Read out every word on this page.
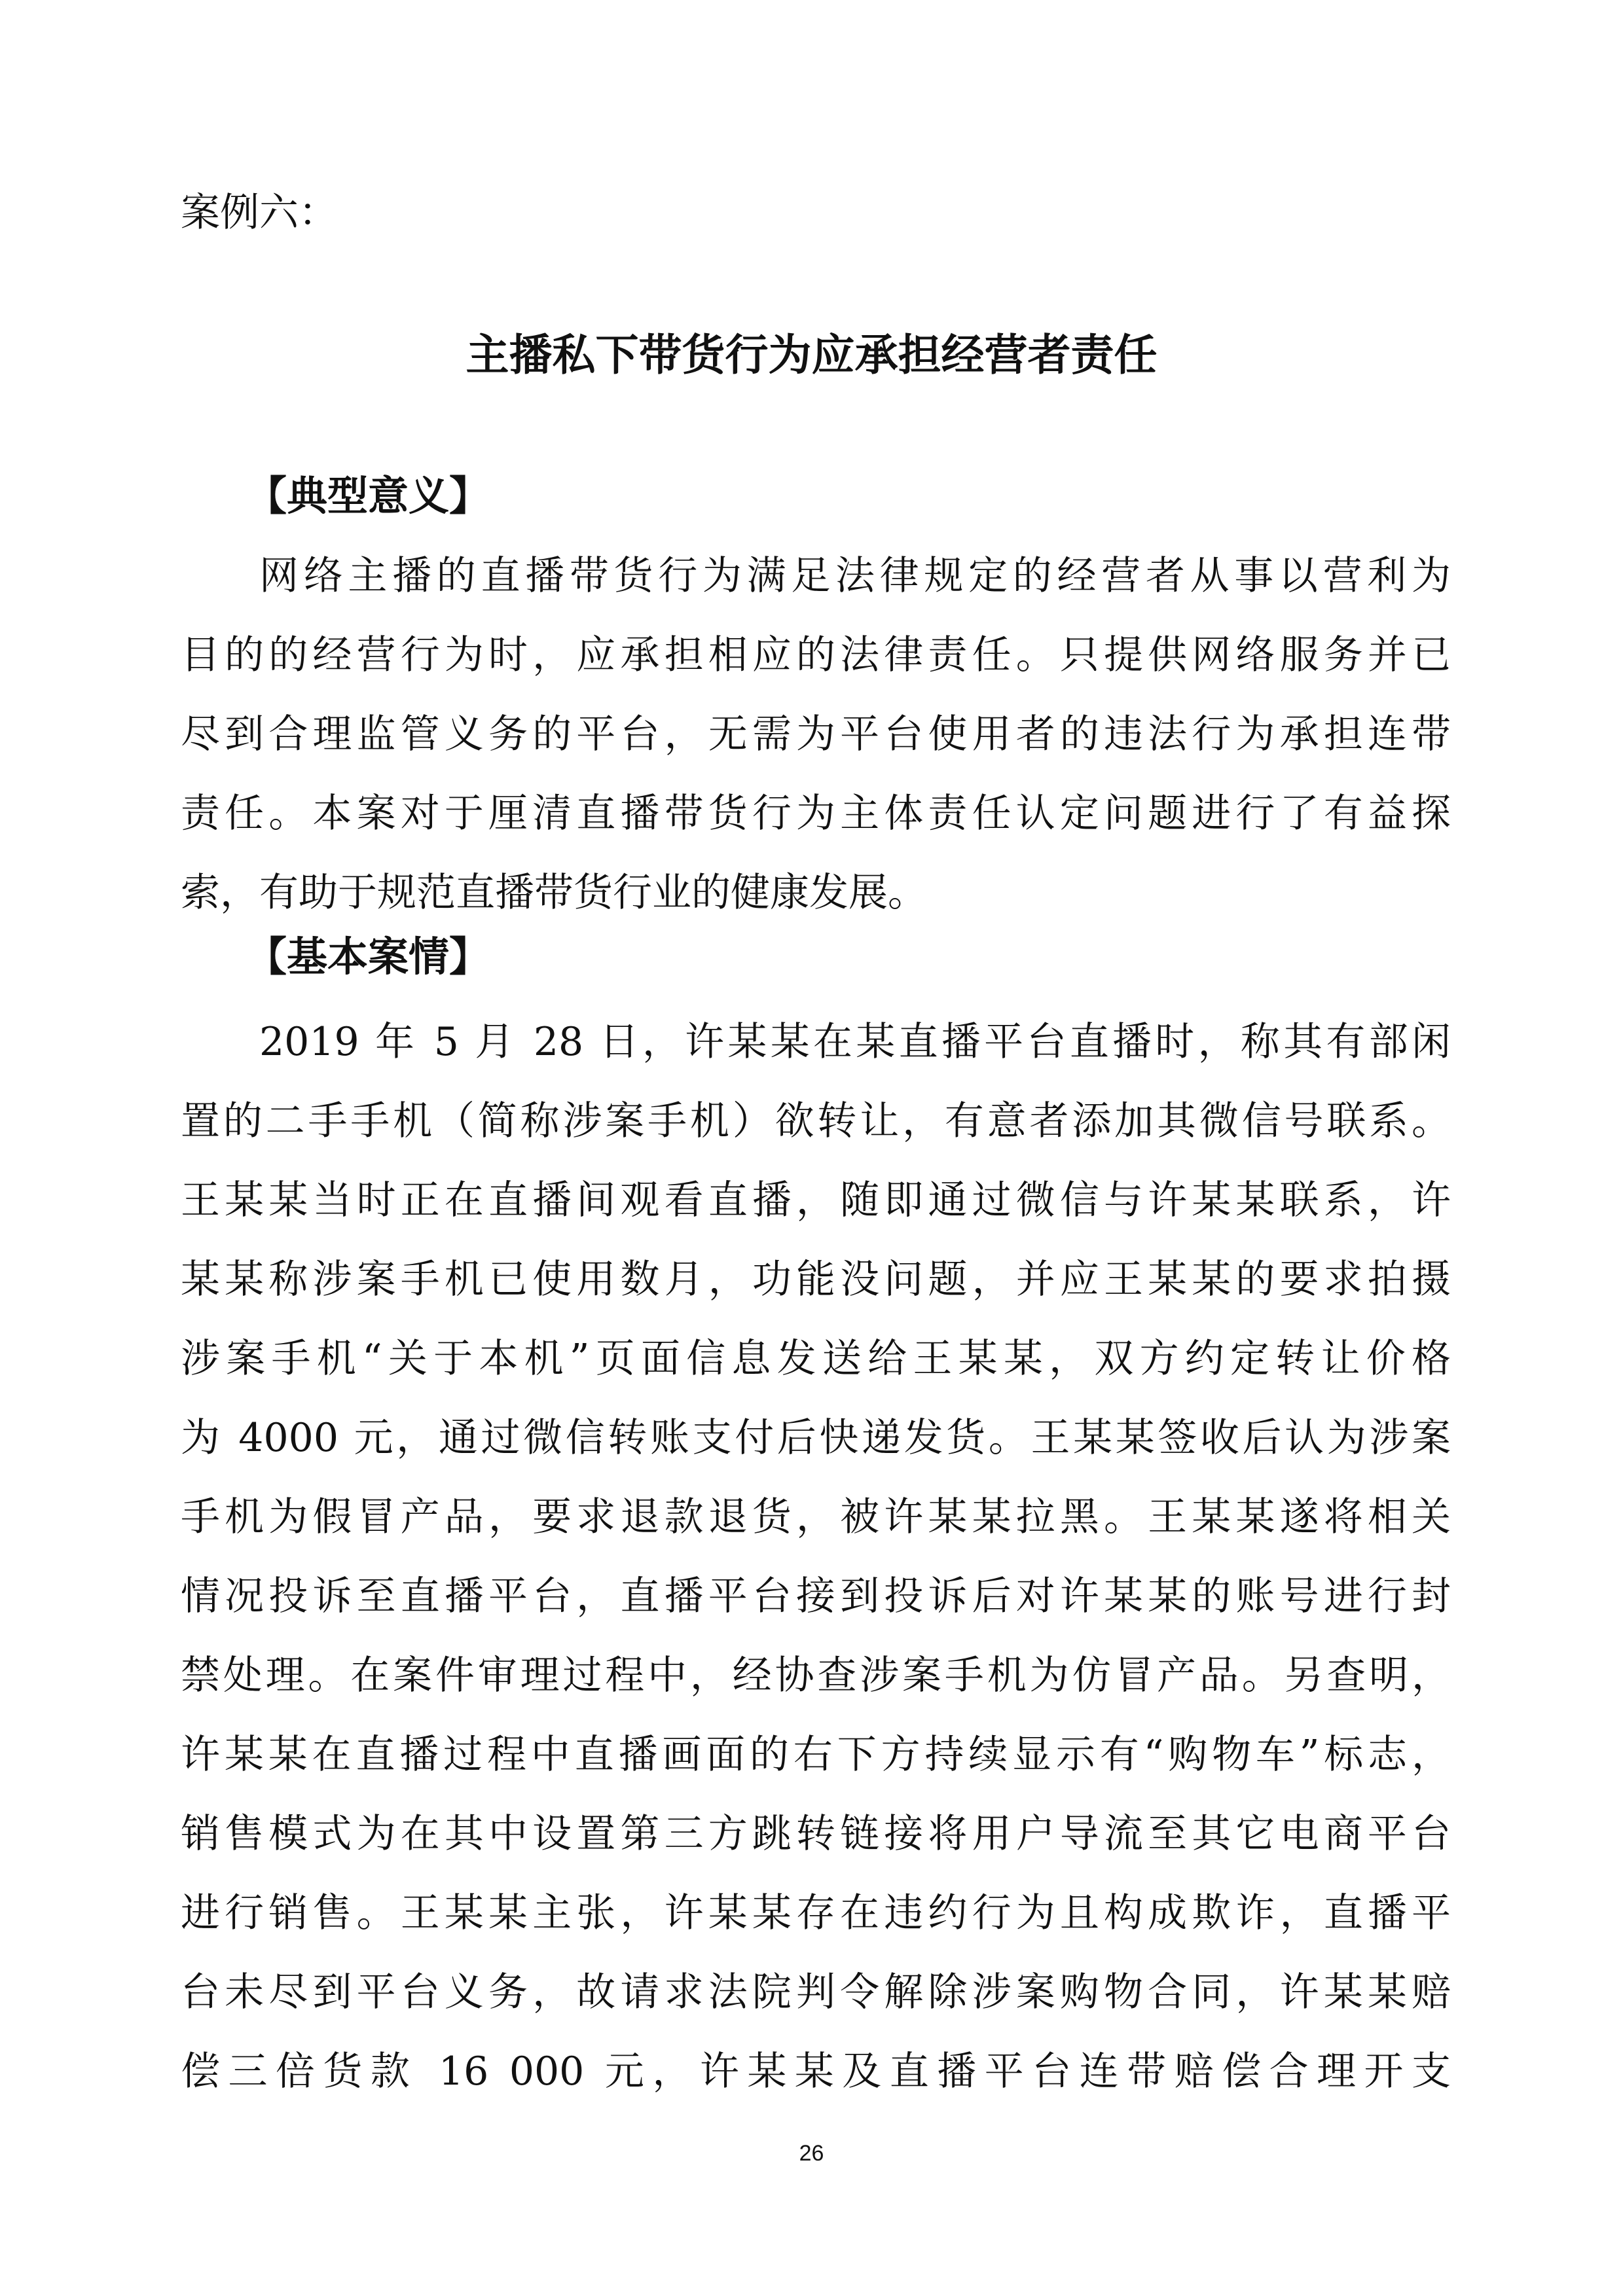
案例六：
主播私下带货行为应承担经营者责任
【典型意义】
网络主播的直播带货行为满足法律规定的经营者从事以营利为
目的的经营行为时，应承担相应的法律责任。只提供网络服务并已
尽到合理监管义务的平台，无需为平台使用者的违法行为承担连带
责任。本案对于厘清直播带货行为主体责任认定问题进行了有益探
索，有助于规范直播带货行业的健康发展。
【基本案情】
2019 年 5 月 28 日，许某某在某直播平台直播时，称其有部闲
置的二手手机（简称涉案手机）欲转让，有意者添加其微信号联系。
王某某当时正在直播间观看直播，随即通过微信与许某某联系，许
某某称涉案手机已使用数月，功能没问题，并应王某某的要求拍摄
涉案手机“关于本机”页面信息发送给王某某，双方约定转让价格
为 4000 元，通过微信转账支付后快递发货。王某某签收后认为涉案
手机为假冒产品，要求退款退货，被许某某拉黑。王某某遂将相关
情况投诉至直播平台，直播平台接到投诉后对许某某的账号进行封
禁处理。在案件审理过程中，经协查涉案手机为仿冒产品。另查明，
许某某在直播过程中直播画面的右下方持续显示有“购物车”标志，
销售模式为在其中设置第三方跳转链接将用户导流至其它电商平台
进行销售。王某某主张，许某某存在违约行为且构成欺诈，直播平
台未尽到平台义务，故请求法院判令解除涉案购物合同，许某某赔
偿三倍货款 16 000 元，许某某及直播平台连带赔偿合理开支
26
